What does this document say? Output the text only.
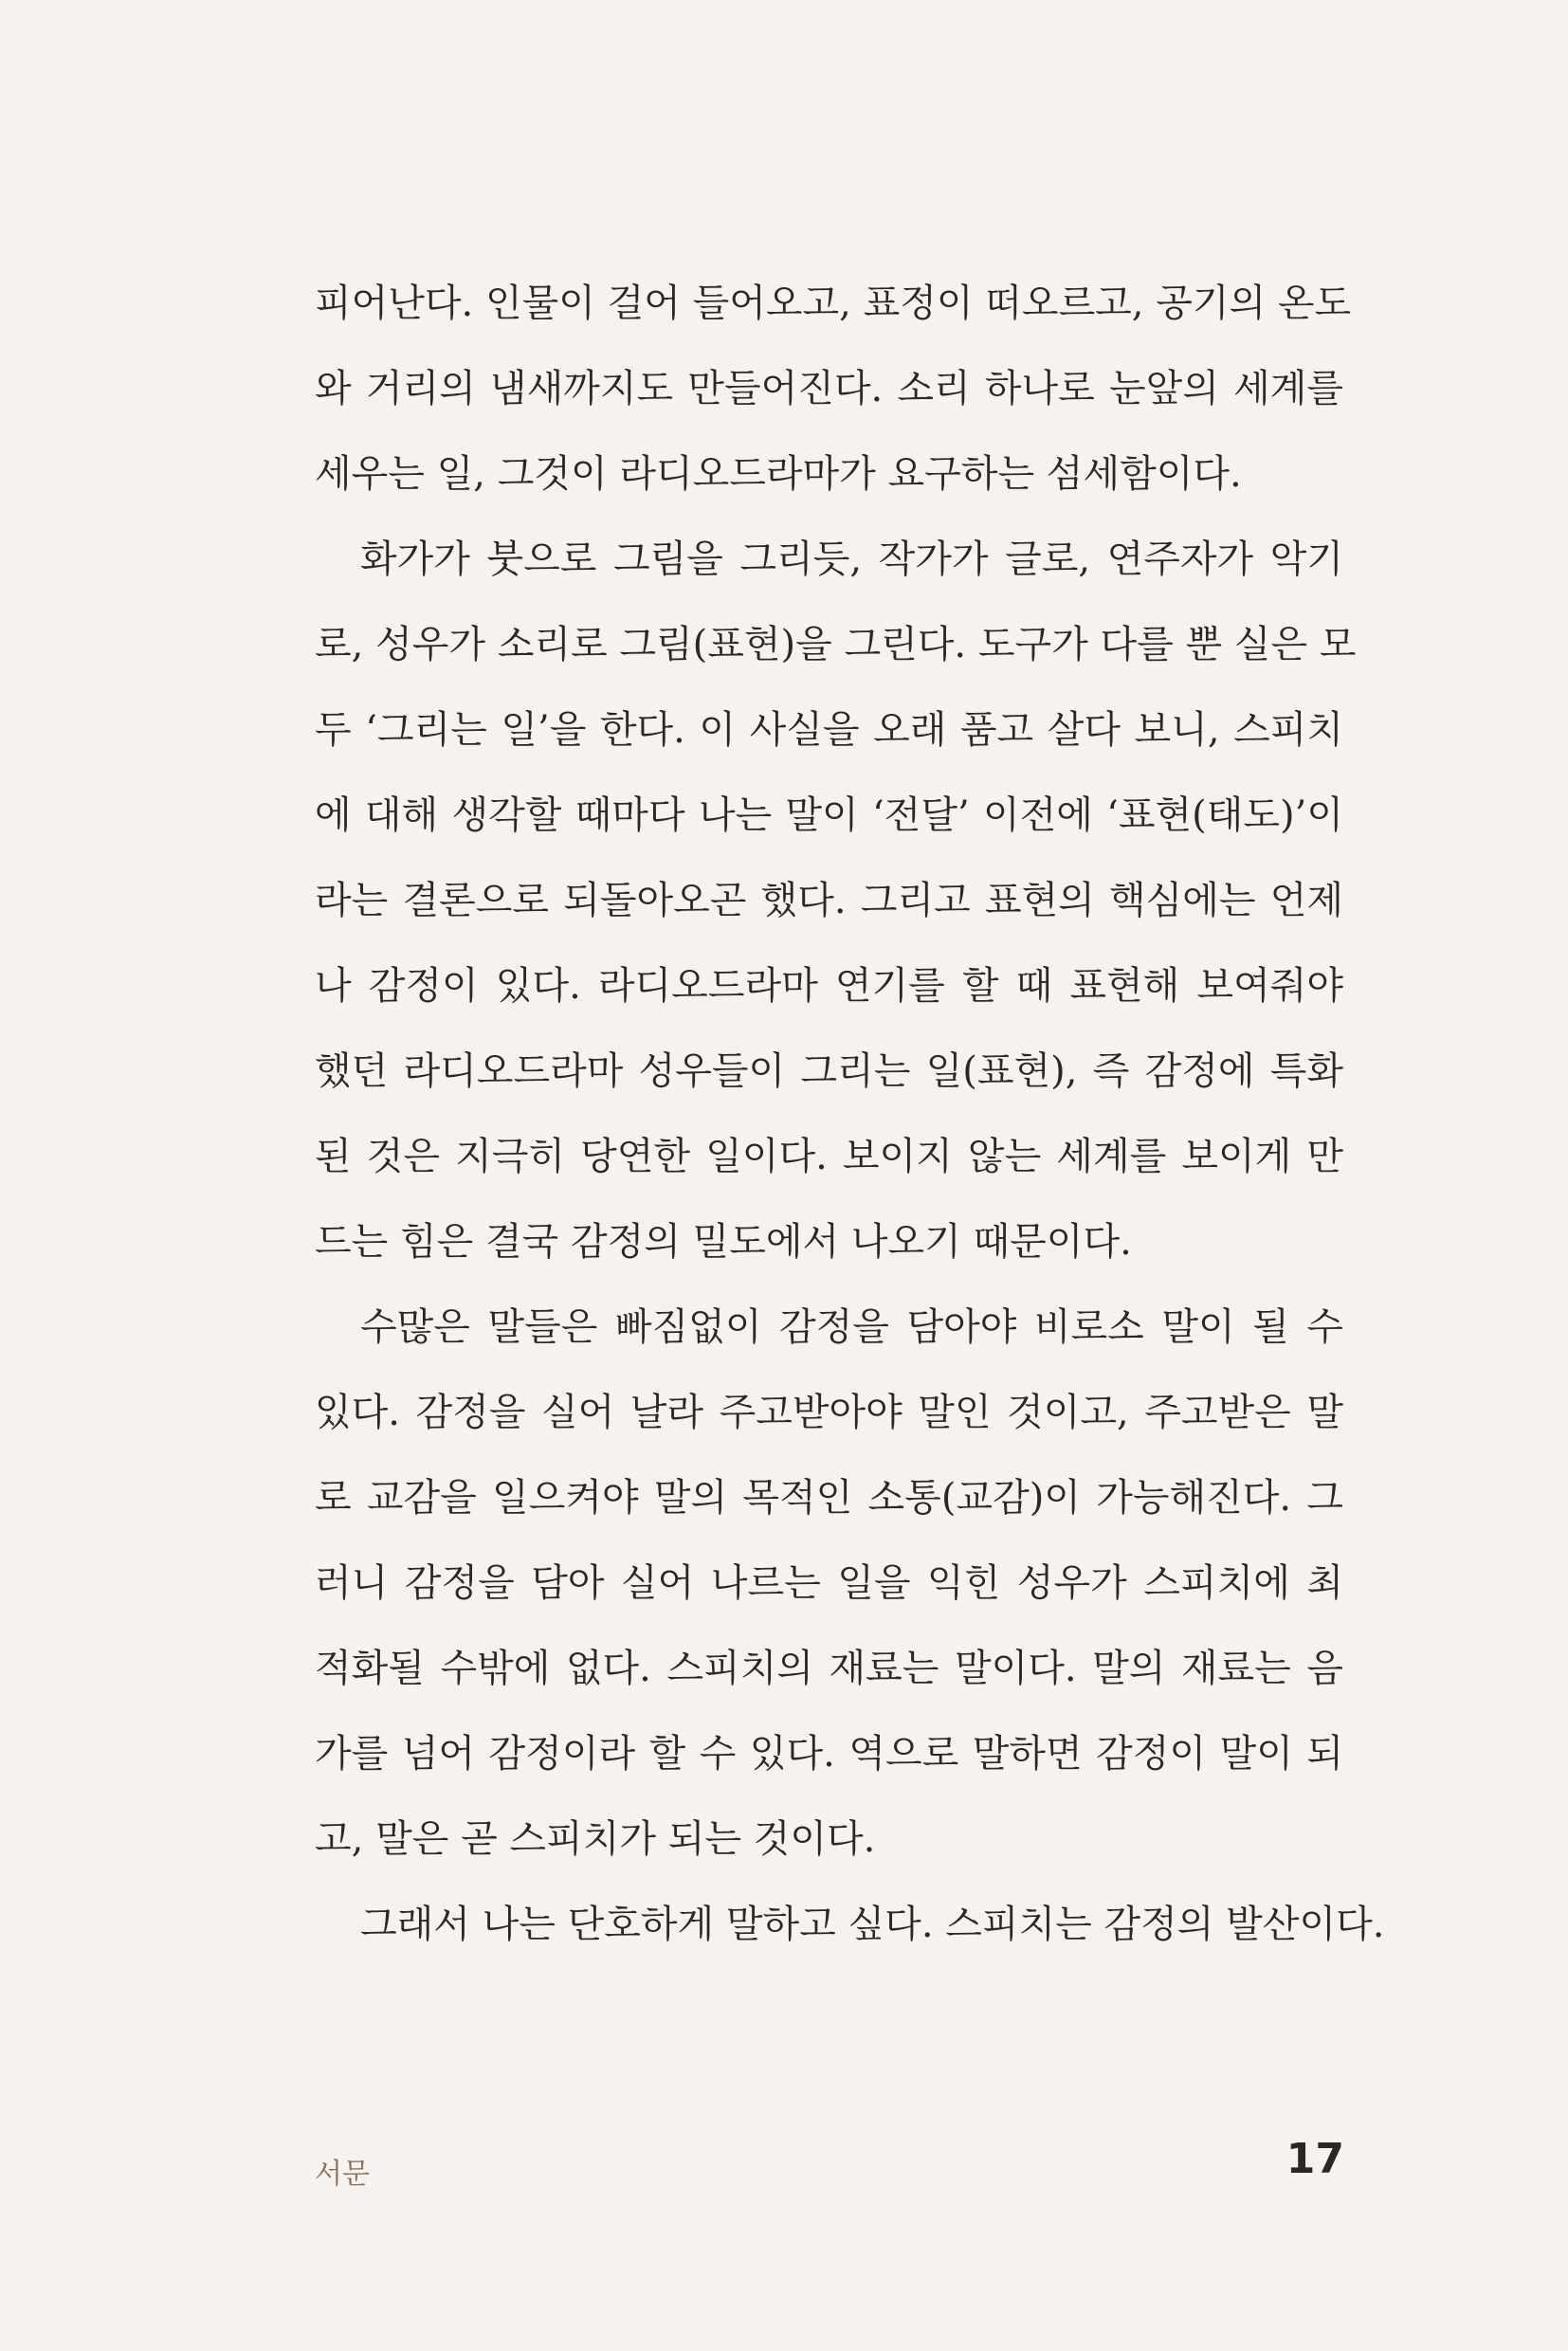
피어난다. 인물이 걸어 들어오고, 표정이 떠오르고, 공기의 온도
와 거리의 냄새까지도 만들어진다. 소리 하나로 눈앞의 세계를
세우는 일, 그것이 라디오드라마가 요구하는 섬세함이다.
화가가 붓으로 그림을 그리듯, 작가가 글로, 연주자가 악기
로, 성우가 소리로 그림(표현)을 그린다. 도구가 다를 뿐 실은 모
두 ‘그리는 일’을 한다. 이 사실을 오래 품고 살다 보니, 스피치
에 대해 생각할 때마다 나는 말이 ‘전달’ 이전에 ‘표현(태도)’이
라는 결론으로 되돌아오곤 했다. 그리고 표현의 핵심에는 언제
나 감정이 있다. 라디오드라마 연기를 할 때 표현해 보여줘야
했던 라디오드라마 성우들이 그리는 일(표현), 즉 감정에 특화
된 것은 지극히 당연한 일이다. 보이지 않는 세계를 보이게 만
드는 힘은 결국 감정의 밀도에서 나오기 때문이다.
수많은 말들은 빠짐없이 감정을 담아야 비로소 말이 될 수
있다. 감정을 실어 날라 주고받아야 말인 것이고, 주고받은 말
로 교감을 일으켜야 말의 목적인 소통(교감)이 가능해진다. 그
러니 감정을 담아 실어 나르는 일을 익힌 성우가 스피치에 최
적화될 수밖에 없다. 스피치의 재료는 말이다. 말의 재료는 음
가를 넘어 감정이라 할 수 있다. 역으로 말하면 감정이 말이 되
고, 말은 곧 스피치가 되는 것이다.
그래서 나는 단호하게 말하고 싶다. 스피치는 감정의 발산이다.
서문	17
